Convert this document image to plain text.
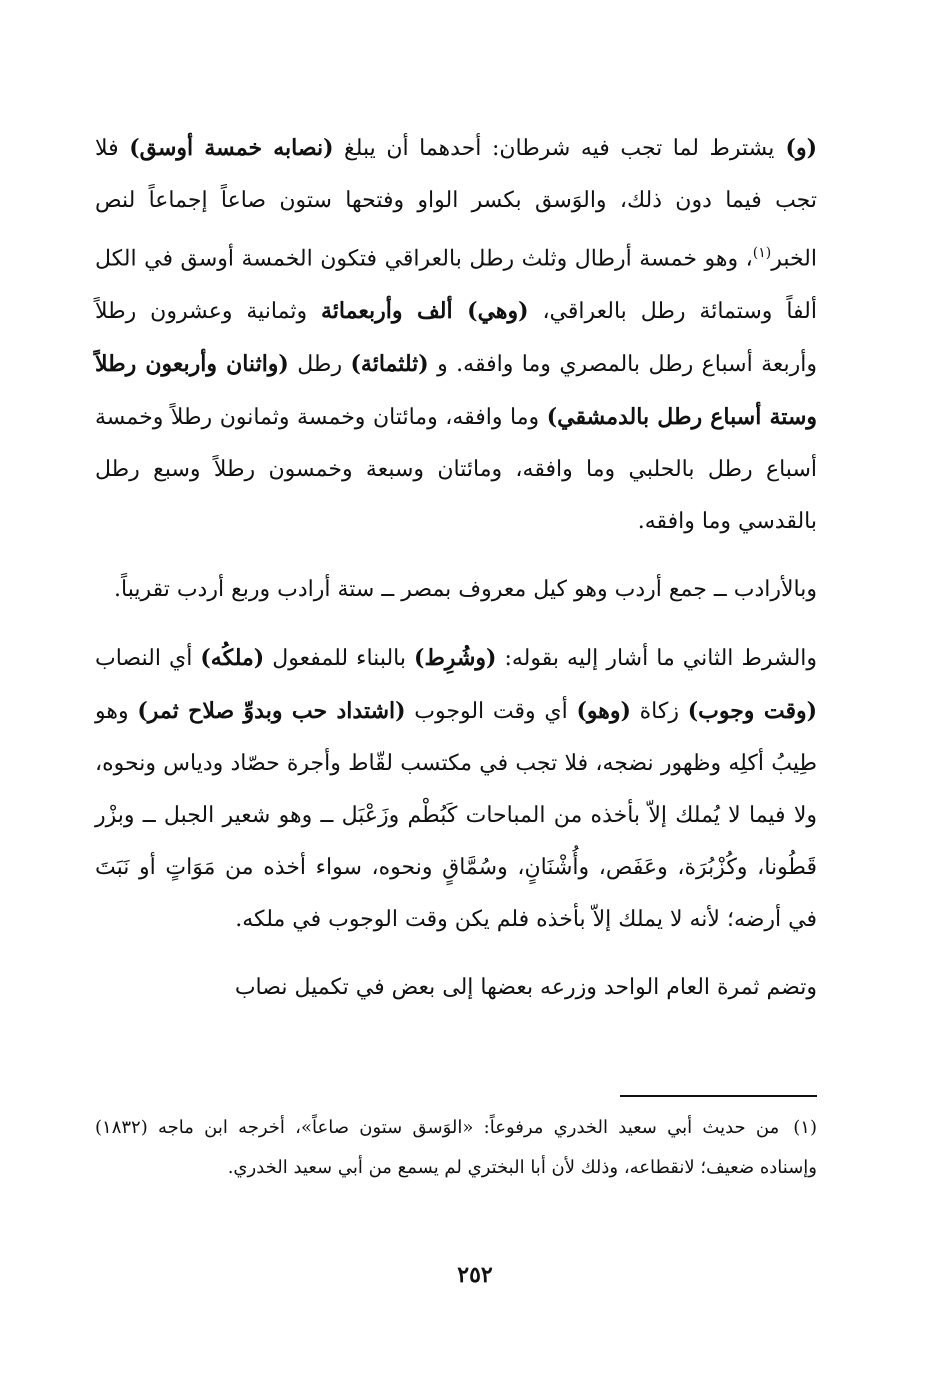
(و) يشترط لما تجب فيه شرطان: أحدهما أن يبلغ (نصابه خمسة أوسق) فلا تجب فيما دون ذلك، والوَسق بكسر الواو وفتحها ستون صاعاً إجماعاً لنص الخبر$^{(١)}$، وهو خمسة أرطال وثلث رطل بالعراقي فتكون الخمسة أوسق في الكل ألفاً وستمائة رطل بالعراقي، (وهي) ألف وأربعمائة وثمانية وعشرون رطلاً وأربعة أسباع رطل بالمصري وما وافقه. و (ثلثمائة) رطل (واثنان وأربعون رطلاً وستة أسباع رطل بالدمشقي) وما وافقه، ومائتان وخمسة وثمانون رطلاً وخمسة أسباع رطل بالحلبي وما وافقه، ومائتان وسبعة وخمسون رطلاً وسبع رطل بالقدسي وما وافقه.

وبالأرادب ــ جمع أردب وهو كيل معروف بمصر ــ ستة أرادب وربع أردب تقريباً.

والشرط الثاني ما أشار إليه بقوله: (وشُرِط) بالبناء للمفعول (ملكُه) أي النصاب (وقت وجوب) زكاة (وهو) أي وقت الوجوب (اشتداد حب وبدوِّ صلاح ثمر) وهو طِيبُ أكلِه وظهور نضجه، فلا تجب في مكتسب لقّاط وأجرة حصّاد ودياس ونحوه، ولا فيما لا يُملك إلاّ بأخذه من المباحات كَبُطْم وزَعْبَل ــ وهو شعير الجبل ــ وبزْر قَطُونا، وكُزْبُرَة، وعَفَص، وأُشْنَانٍ، وسُمَّاقٍ ونحوه، سواء أخذه من مَوَاتٍ أو نَبَتَ في أرضه؛ لأنه لا يملك إلاّ بأخذه فلم يكن وقت الوجوب في ملكه.

وتضم ثمرة العام الواحد وزرعه بعضها إلى بعض في تكميل نصاب

(١)من حديث أبي سعيد الخدري مرفوعاً: «الوَسق ستون صاعاً»، أخرجه ابن ماجه (١٨٣٢) وإسناده ضعيف؛ لانقطاعه، وذلك لأن أبا البختري لم يسمع من أبي سعيد الخدري.

٢٥٢
